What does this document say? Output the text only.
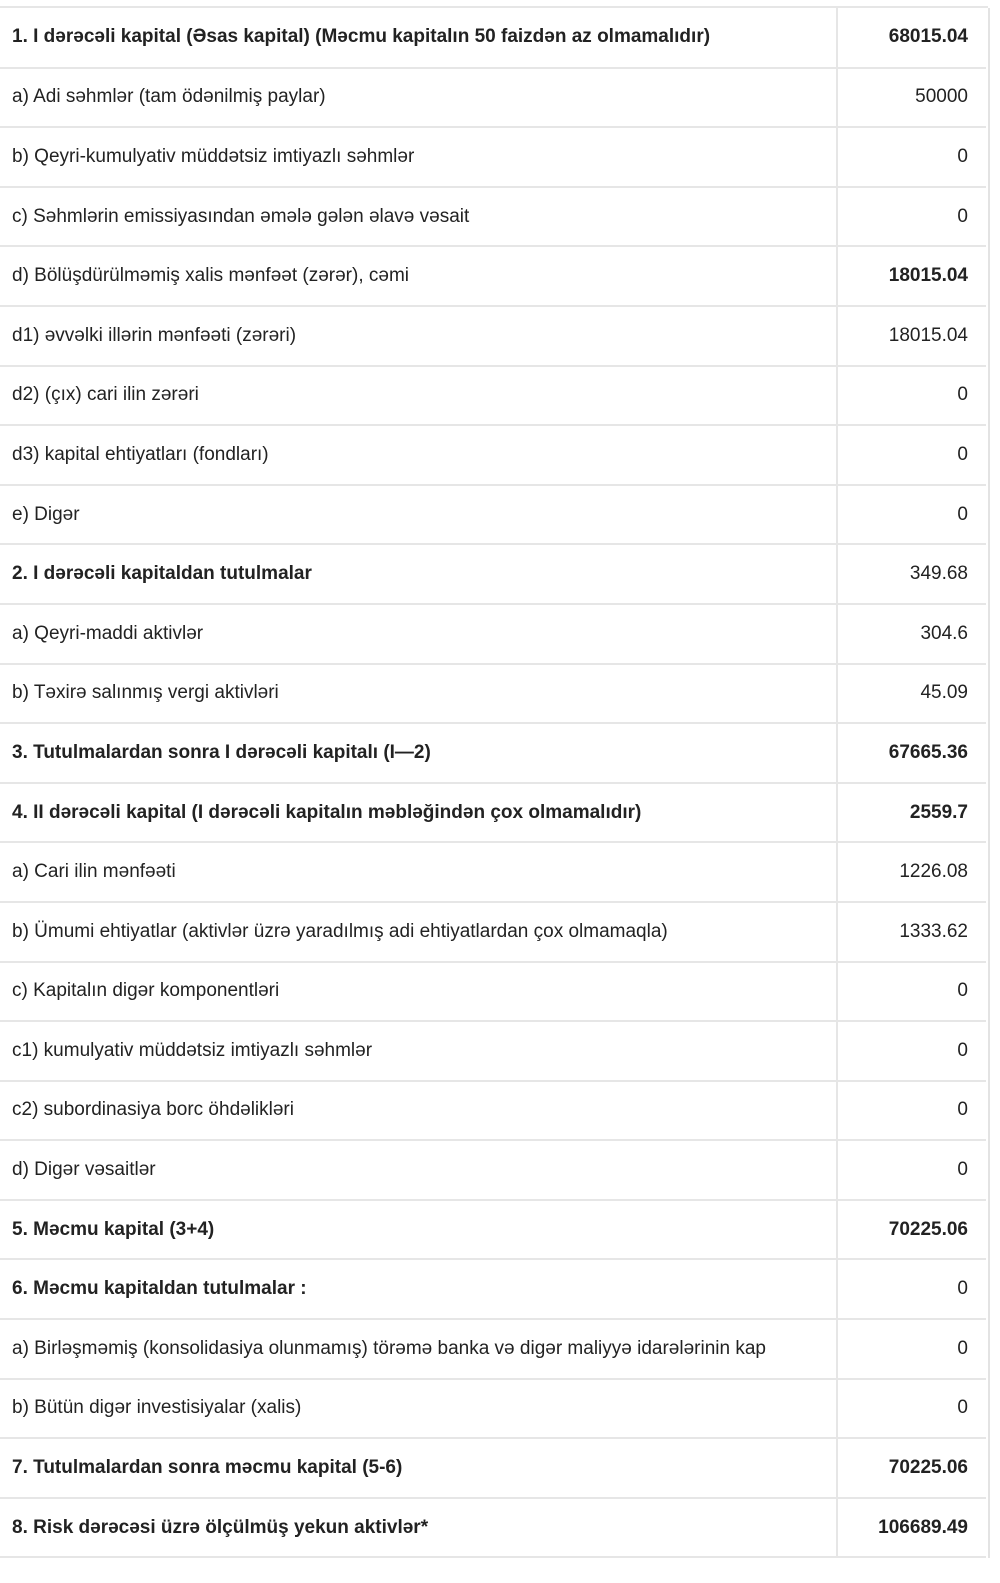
1. I dərəcəli kapital (Əsas kapital) (Məcmu kapitalın 50 faizdən az olmamalıdır)	68015.04
a) Adi səhmlər (tam ödənilmiş paylar)	50000
b) Qeyri-kumulyativ müddətsiz imtiyazlı səhmlər	0
c) Səhmlərin emissiyasından əmələ gələn əlavə vəsait	0
d) Bölüşdürülməmiş xalis mənfəət (zərər), cəmi	18015.04
d1) əvvəlki illərin mənfəəti (zərəri)	18015.04
d2) (çıx) cari ilin zərəri	0
d3) kapital ehtiyatları (fondları)	0
e) Digər	0
2. I dərəcəli kapitaldan tutulmalar	349.68
a) Qeyri-maddi aktivlər	304.6
b) Təxirə salınmış vergi aktivləri	45.09
3. Tutulmalardan sonra I dərəcəli kapitalı (I—2)	67665.36
4. II dərəcəli kapital (I dərəcəli kapitalın məbləğindən çox olmamalıdır)	2559.7
a) Cari ilin mənfəəti	1226.08
b) Ümumi ehtiyatlar (aktivlər üzrə yaradılmış adi ehtiyatlardan çox olmamaqla)	1333.62
c) Kapitalın digər komponentləri	0
c1) kumulyativ müddətsiz imtiyazlı səhmlər	0
c2) subordinasiya borc öhdəlikləri	0
d) Digər vəsaitlər	0
5. Məcmu kapital (3+4)	70225.06
6. Məcmu kapitaldan tutulmalar :	0
a) Birləşməmiş (konsolidasiya olunmamış) törəmə banka və digər maliyyə idarələrinin kap	0
b) Bütün digər investisiyalar (xalis)	0
7. Tutulmalardan sonra məcmu kapital (5-6)	70225.06
8. Risk dərəcəsi üzrə ölçülmüş yekun aktivlər*	106689.49
